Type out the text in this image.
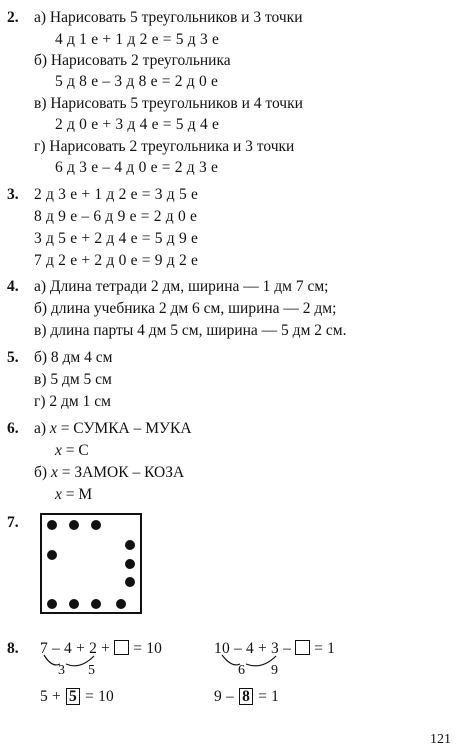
2. а) Нарисовать 5 треугольников и 3 точки
4 д 1 е + 1 д 2 е = 5 д 3 е
б) Нарисовать 2 треугольника
5 д 8 е – 3 д 8 е = 2 д 0 е
в) Нарисовать 5 треугольников и 4 точки
2 д 0 е + 3 д 4 е = 5 д 4 е
г) Нарисовать 2 треугольника и 3 точки
6 д 3 е – 4 д 0 е = 2 д 3 е
3. 2 д 3 е + 1 д 2 е = 3 д 5 е
8 д 9 е – 6 д 9 е = 2 д 0 е
3 д 5 е + 2 д 4 е = 5 д 9 е
7 д 2 е + 2 д 0 е = 9 д 2 е
4. а) Длина тетради 2 дм, ширина — 1 дм 7 см;
б) длина учебника 2 дм 6 см, ширина — 2 дм;
в) длина парты 4 дм 5 см, ширина — 5 дм 2 см.
5. б) 8 дм 4 см
в) 5 дм 5 см
г) 2 дм 1 см
6. а) x = СУМКА – МУКА
x = С
б) x = ЗАМОК – КОЗА
x = М
7.
8. 7 – 4 + 2 +  = 10
3 5
5 + 5 = 10
10 – 4 + 3 –  = 1
6 9
9 – 8 = 1
121
